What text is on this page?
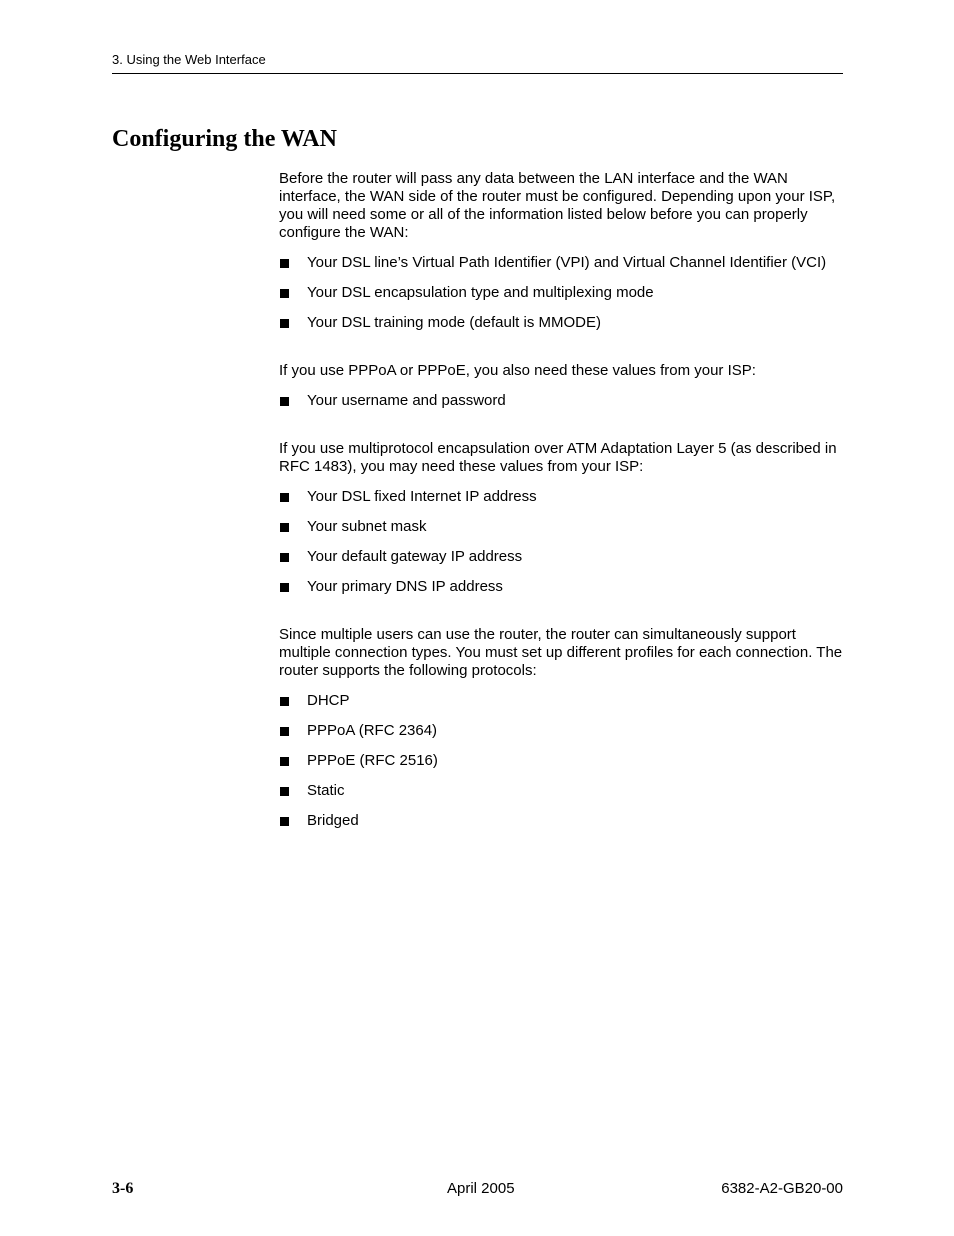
3. Using the Web Interface
Configuring the WAN

Before the router will pass any data between the LAN interface and the WAN interface, the WAN side of the router must be configured. Depending upon your ISP, you will need some or all of the information listed below before you can properly configure the WAN:

Your DSL line’s Virtual Path Identifier (VPI) and Virtual Channel Identifier (VCI)
Your DSL encapsulation type and multiplexing mode
Your DSL training mode (default is MMODE)

If you use PPPoA or PPPoE, you also need these values from your ISP:

Your username and password

If you use multiprotocol encapsulation over ATM Adaptation Layer 5 (as described in RFC 1483), you may need these values from your ISP:

Your DSL fixed Internet IP address
Your subnet mask
Your default gateway IP address
Your primary DNS IP address

Since multiple users can use the router, the router can simultaneously support multiple connection types. You must set up different profiles for each connection. The router supports the following protocols:

DHCP
PPPoA (RFC 2364)
PPPoE (RFC 2516)
Static
Bridged
3-6	April 2005	6382-A2-GB20-00
